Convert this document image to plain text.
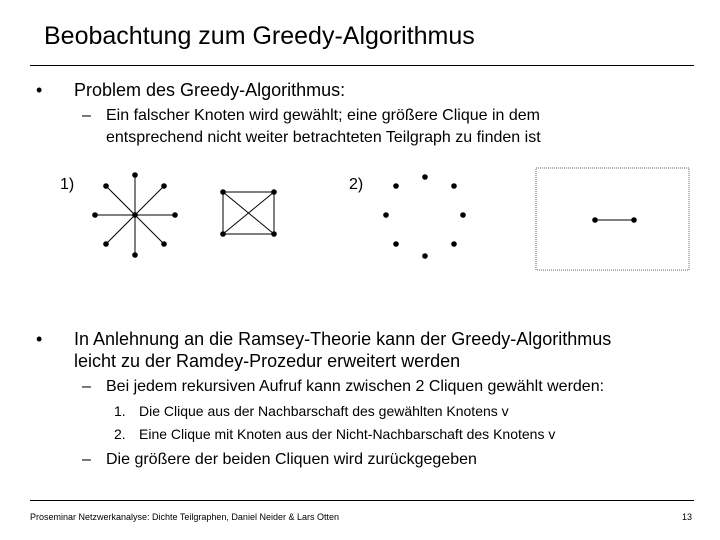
Beobachtung zum Greedy-Algorithmus
• Problem des Greedy-Algorithmus:
– Ein falscher Knoten wird gewählt; eine größere Clique in dem
entsprechend nicht weiter betrachteten Teilgraph zu finden ist
1)	2)
• In Anlehnung an die Ramsey-Theorie kann der Greedy-Algorithmus
leicht zu der Ramdey-Prozedur erweitert werden
– Bei jedem rekursiven Aufruf kann zwischen 2 Cliquen gewählt werden:
1. Die Clique aus der Nachbarschaft des gewählten Knotens v
2. Eine Clique mit Knoten aus der Nicht-Nachbarschaft des Knotens v
– Die größere der beiden Cliquen wird zurückgegeben
Proseminar Netzwerkanalyse: Dichte Teilgraphen, Daniel Neider & Lars Otten	13
